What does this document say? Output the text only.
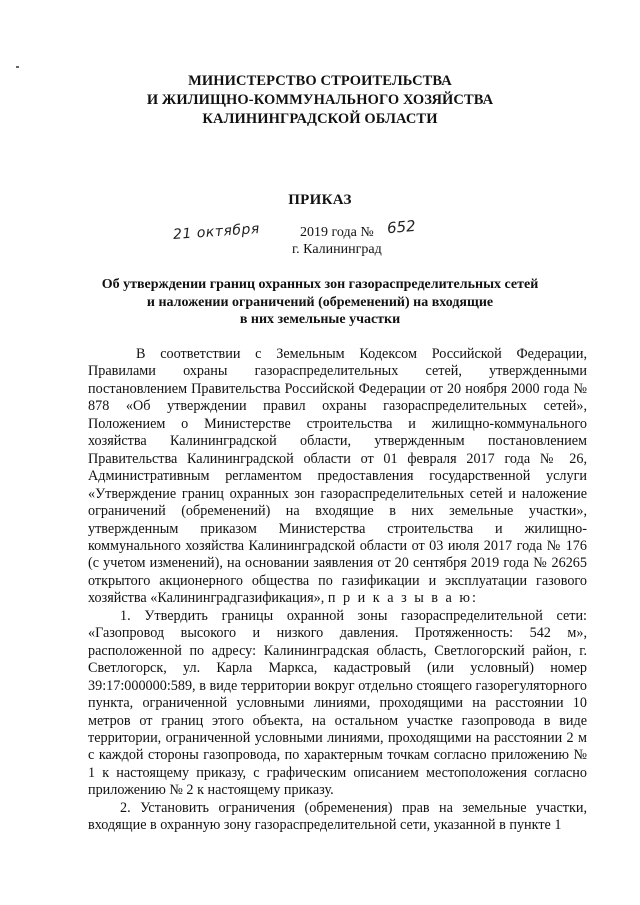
МИНИСТЕРСТВО СТРОИТЕЛЬСТВА
И ЖИЛИЩНО-КОММУНАЛЬНОГО ХОЗЯЙСТВА
КАЛИНИНГРАДСКОЙ ОБЛАСТИ
ПРИКАЗ
21 октября	2019 года № 652
г. Калининград
Об утверждении границ охранных зон газораспределительных сетей
и наложении ограничений (обременений) на входящие
в них земельные участки

В соответствии с Земельным Кодексом Российской Федерации, Правилами охраны газораспределительных сетей, утвержденными постановлением Правительства Российской Федерации от 20 ноября 2000 года № 878 «Об утверждении правил охраны газораспределительных сетей», Положением о Министерстве строительства и жилищно-коммунального хозяйства Калининградской области, утвержденным постановлением Правительства Калининградской области от 01 февраля 2017 года № 26, Административным регламентом предоставления государственной услуги «Утверждение границ охранных зон газораспределительных сетей и наложение ограничений (обременений) на входящие в них земельные участки», утвержденным приказом Министерства строительства и жилищно-коммунального хозяйства Калининградской области от 03 июля 2017 года № 176 (с учетом изменений), на основании заявления от 20 сентября 2019 года № 26265 открытого акционерного общества по газификации и эксплуатации газового хозяйства «Калининградгазификация», п р и к а з ы в а ю:

1. Утвердить границы охранной зоны газораспределительной сети: «Газопровод высокого и низкого давления. Протяженность: 542 м», расположенной по адресу: Калининградская область, Светлогорский район, г. Светлогорск, ул. Карла Маркса, кадастровый (или условный) номер 39:17:000000:589, в виде территории вокруг отдельно стоящего газорегуляторного пункта, ограниченной условными линиями, проходящими на расстоянии 10 метров от границ этого объекта, на остальном участке газопровода в виде территории, ограниченной условными линиями, проходящими на расстоянии 2 м с каждой стороны газопровода, по характерным точкам согласно приложению № 1 к настоящему приказу, с графическим описанием местоположения согласно приложению № 2 к настоящему приказу.

2. Установить ограничения (обременения) прав на земельные участки, входящие в охранную зону газораспределительной сети, указанной в пункте 1
